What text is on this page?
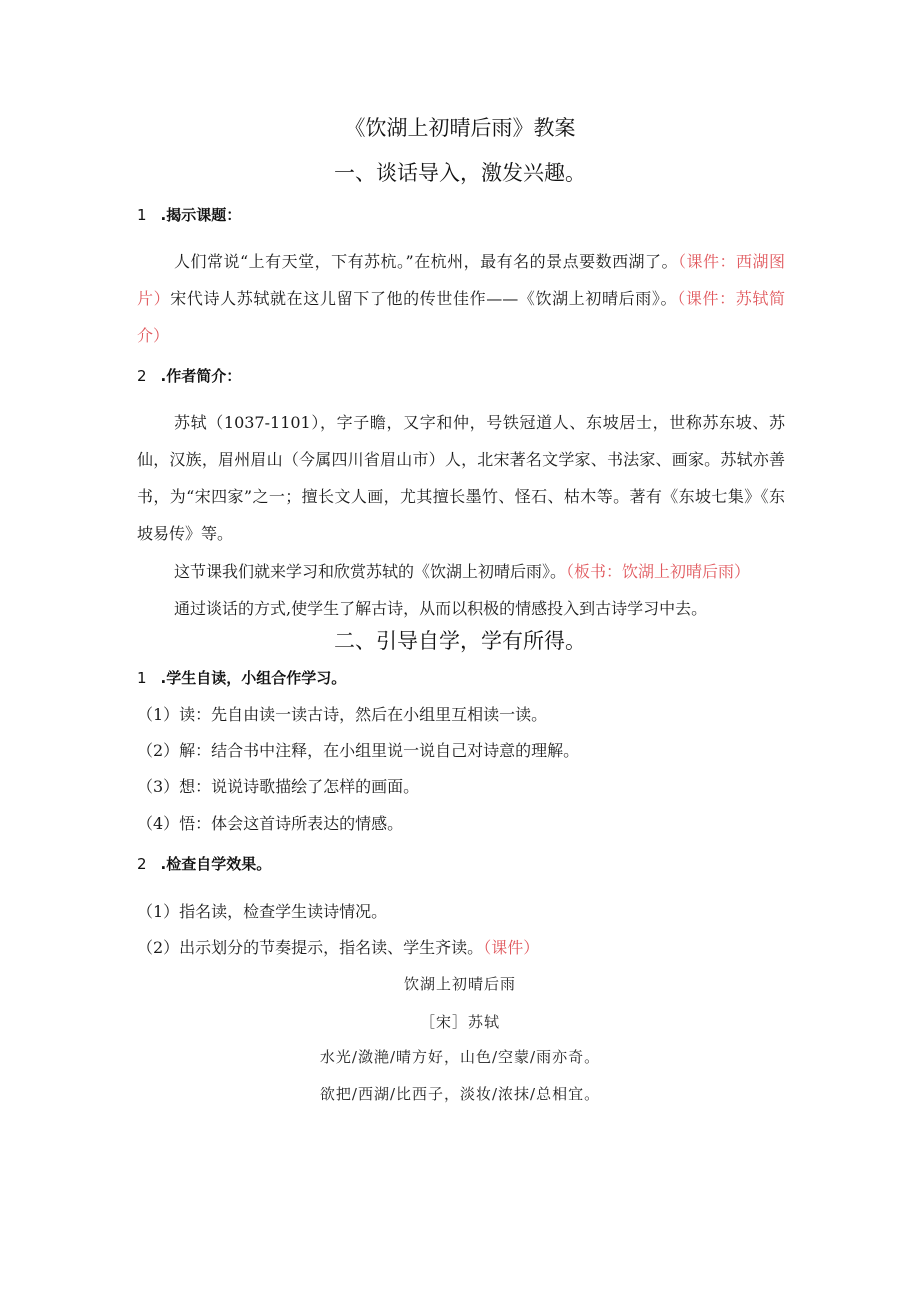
《饮湖上初晴后雨》教案
一、谈话导入，激发兴趣。
1 .揭示课题：
人们常说“上有天堂，下有苏杭。”在杭州，最有名的景点要数西湖了。（课件：西湖图片）宋代诗人苏轼就在这儿留下了他的传世佳作——《饮湖上初晴后雨》。（课件：苏轼简介）
2 .作者简介：
苏轼（1037-1101），字子瞻，又字和仲，号铁冠道人、东坡居士，世称苏东坡、苏仙，汉族，眉州眉山（今属四川省眉山市）人，北宋著名文学家、书法家、画家。苏轼亦善书，为“宋四家”之一；擅长文人画，尤其擅长墨竹、怪石、枯木等。著有《东坡七集》《东坡易传》等。
这节课我们就来学习和欣赏苏轼的《饮湖上初晴后雨》。（板书：饮湖上初晴后雨）
通过谈话的方式,使学生了解古诗，从而以积极的情感投入到古诗学习中去。
二、引导自学，学有所得。
1 .学生自读，小组合作学习。
（1）读：先自由读一读古诗，然后在小组里互相读一读。
（2）解：结合书中注释，在小组里说一说自己对诗意的理解。
（3）想：说说诗歌描绘了怎样的画面。
（4）悟：体会这首诗所表达的情感。
2 .检查自学效果。
（1）指名读，检查学生读诗情况。
（2）出示划分的节奏提示，指名读、学生齐读。（课件）
饮湖上初晴后雨
［宋］苏轼
水光/潋滟/晴方好，山色/空蒙/雨亦奇。
欲把/西湖/比西子，淡妆/浓抹/总相宜。
